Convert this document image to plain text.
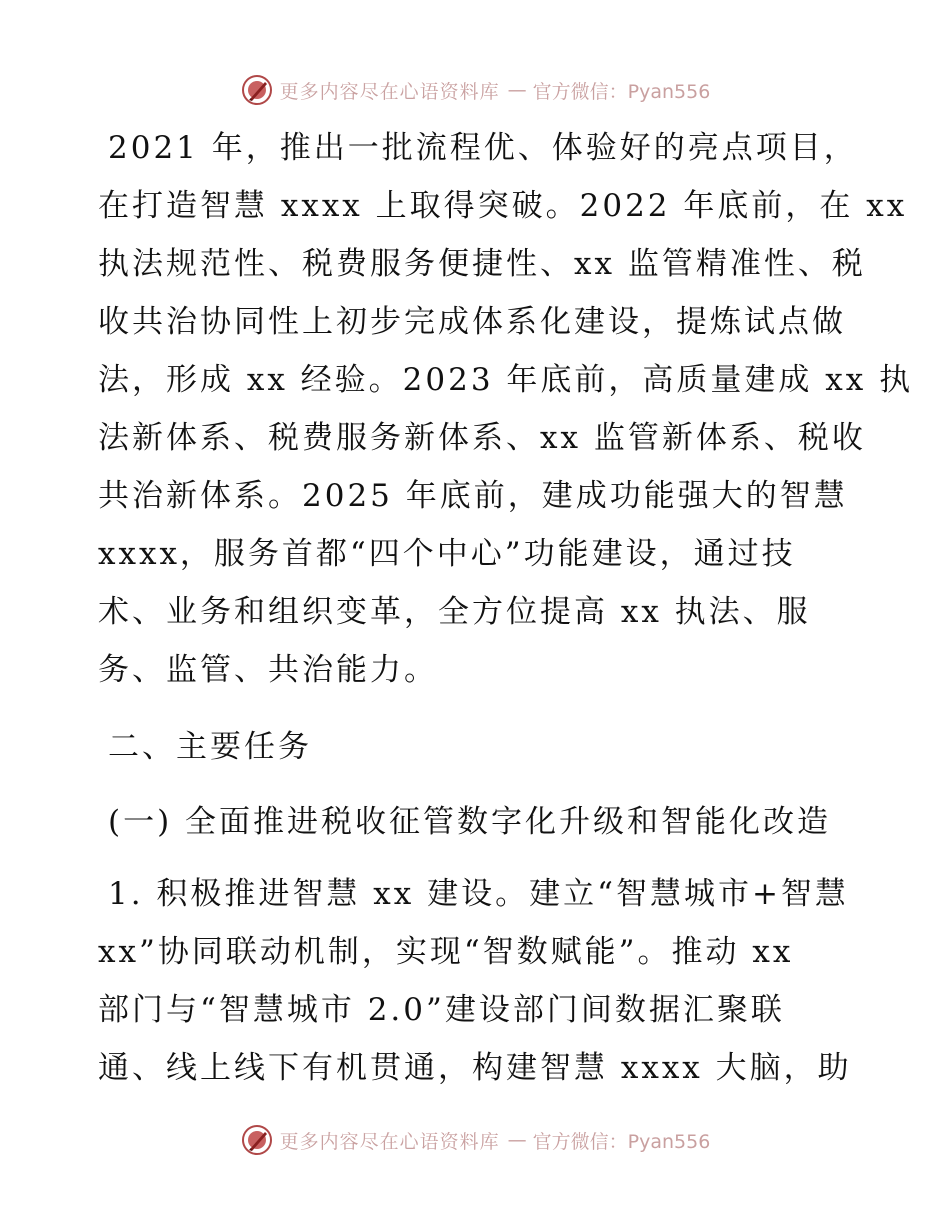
更多内容尽在心语资料库 — 官方微信：Pyan556
2021 年，推出一批流程优、体验好的亮点项目，
在打造智慧 xxxx 上取得突破。2022 年底前，在 xx
执法规范性、税费服务便捷性、xx 监管精准性、税
收共治协同性上初步完成体系化建设，提炼试点做
法，形成 xx 经验。2023 年底前，高质量建成 xx 执
法新体系、税费服务新体系、xx 监管新体系、税收
共治新体系。2025 年底前，建成功能强大的智慧
xxxx，服务首都“四个中心”功能建设，通过技
术、业务和组织变革，全方位提高 xx 执法、服
务、监管、共治能力。
二、主要任务
(一) 全面推进税收征管数字化升级和智能化改造
1. 积极推进智慧 xx 建设。建立“智慧城市+智慧
xx”协同联动机制，实现“智数赋能”。推动 xx
部门与“智慧城市 2.0”建设部门间数据汇聚联
通、线上线下有机贯通，构建智慧 xxxx 大脑，助
更多内容尽在心语资料库 — 官方微信：Pyan556
